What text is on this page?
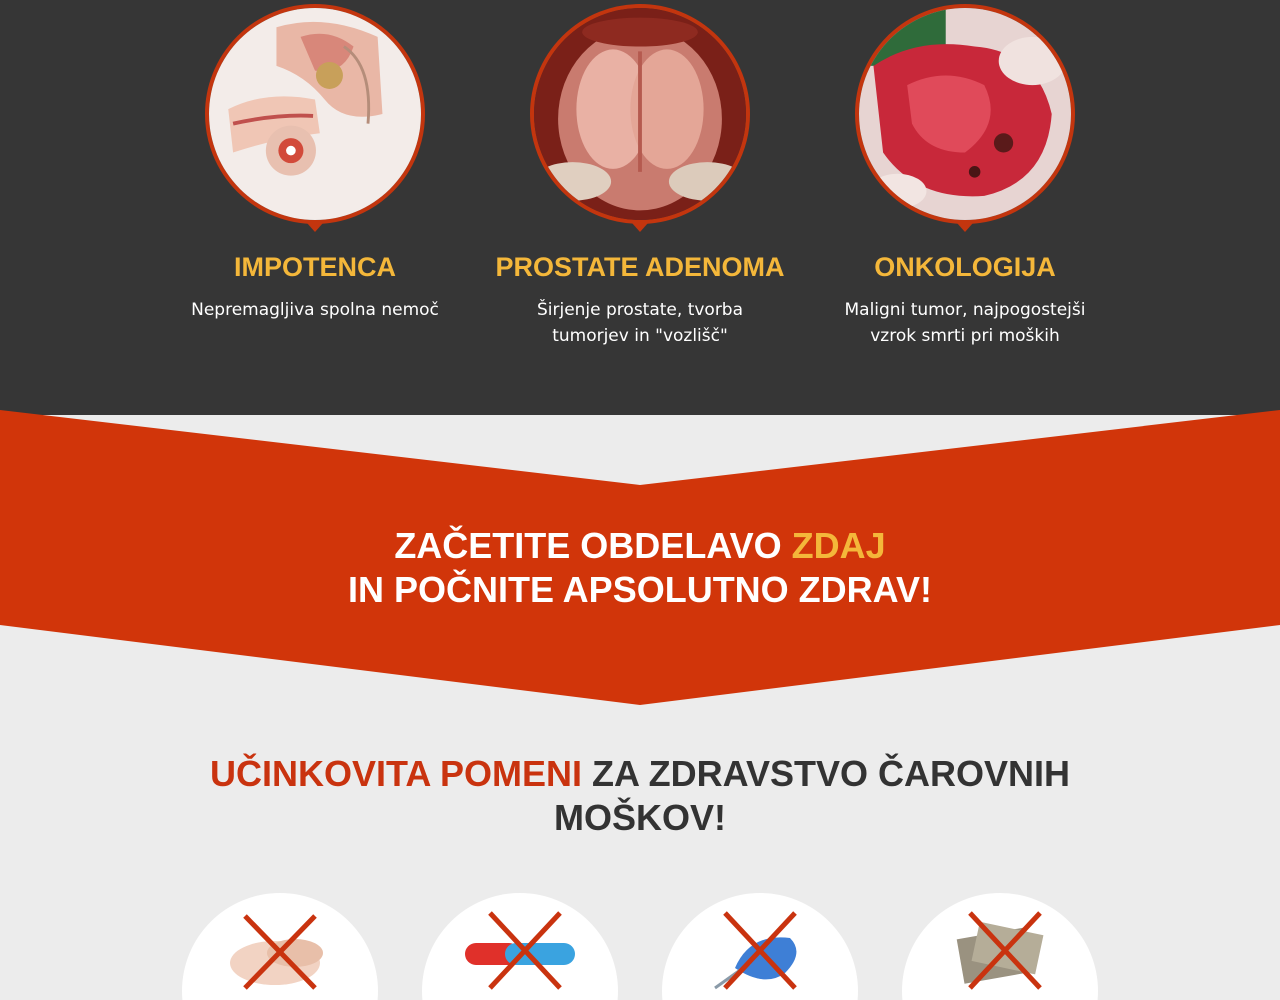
IMPOTENCA
Nepremagljiva spolna nemoč
PROSTATE ADENOMA
Širjenje prostate, tvorba tumorjev in "vozlišč"
ONKOLOGIJA
Maligni tumor, najpogostejši vzrok smrti pri moških
ZAČETITE OBDELAVO ZDAJ
IN POČNITE APSOLUTNO ZDRAV!
UČINKOVITA POMENI ZA ZDRAVSTVO ČAROVNIH MOŠKOV!
